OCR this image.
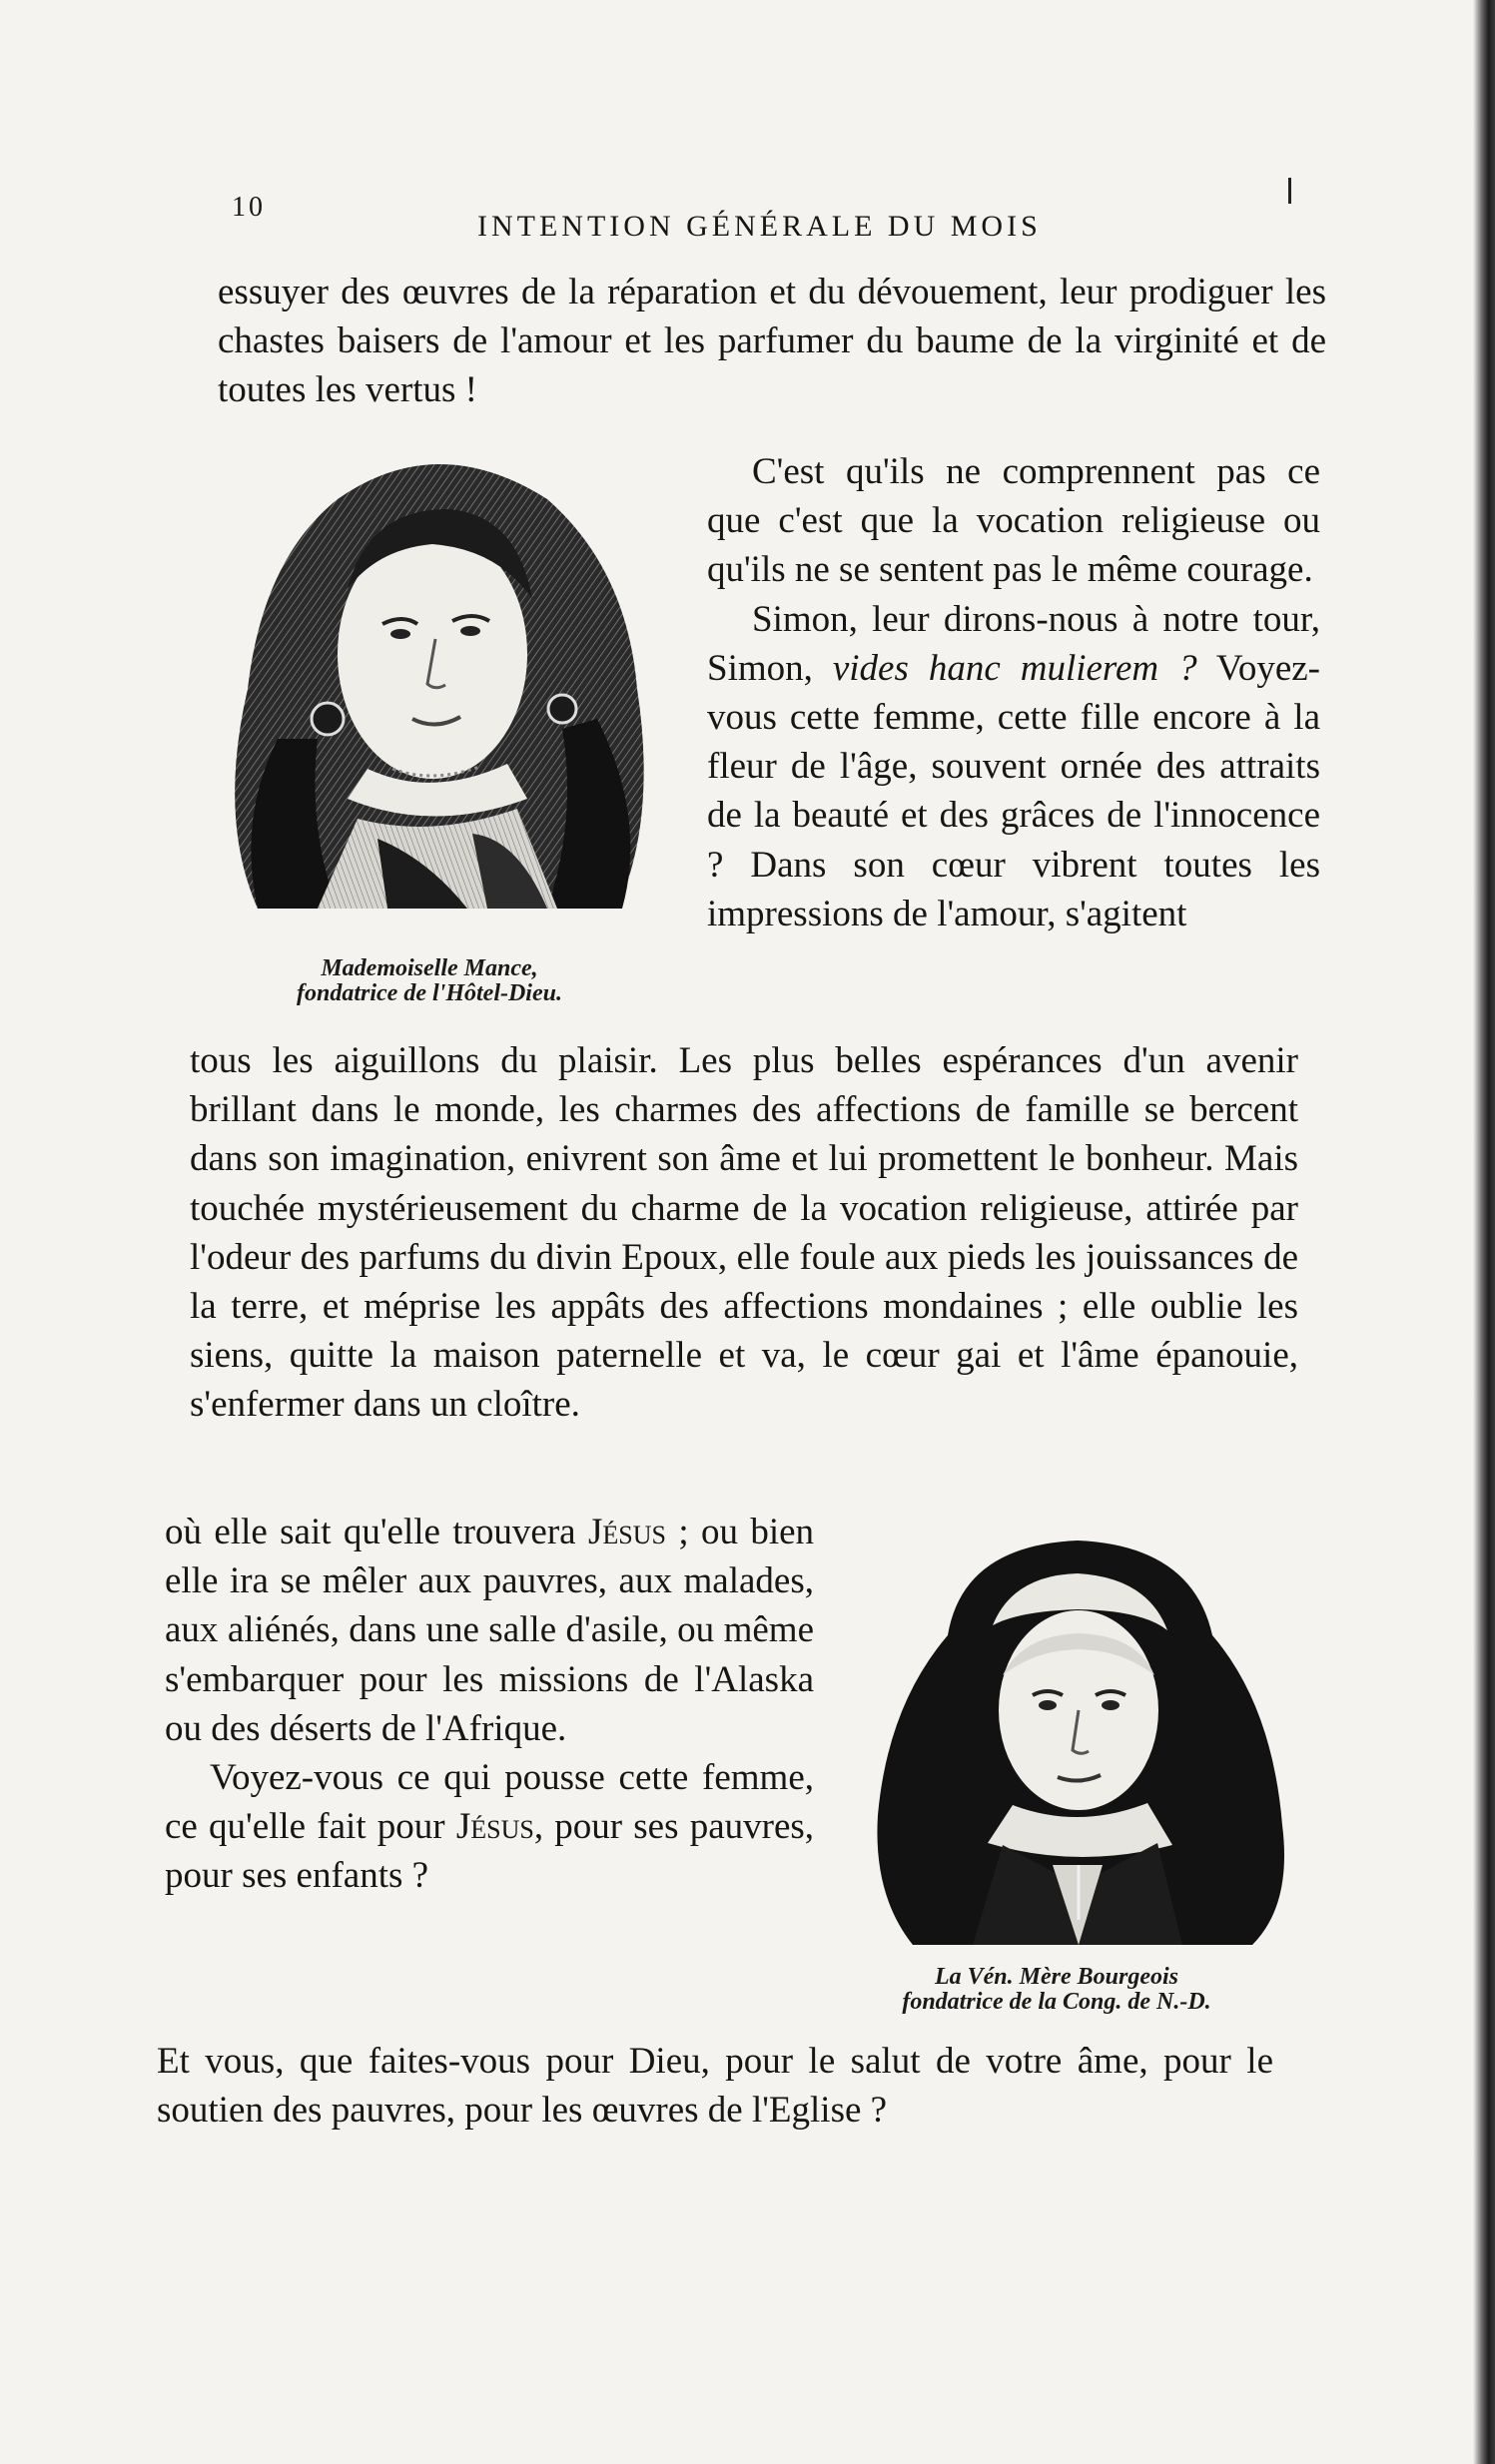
10
INTENTION GÉNÉRALE DU MOIS

essuyer des œuvres de la réparation et du dévouement, leur prodiguer les chastes baisers de l'amour et les parfumer du baume de la virginité et de toutes les vertus !

Mademoiselle Mance,
fondatrice de l'Hôtel-Dieu.

C'est qu'ils ne comprennent pas ce que c'est que la vocation religieuse ou qu'ils ne se sentent pas le même courage.

Simon, leur dirons-nous à notre tour, Simon, vides hanc mulierem ? Voyez-vous cette femme, cette fille encore à la fleur de l'âge, souvent ornée des attraits de la beauté et des grâces de l'innocence ? Dans son cœur vibrent toutes les impressions de l'amour, s'agitent

tous les aiguillons du plaisir. Les plus belles espérances d'un avenir brillant dans le monde, les charmes des affections de famille se bercent dans son imagination, enivrent son âme et lui promettent le bonheur. Mais touchée mystérieusement du charme de la vocation religieuse, attirée par l'odeur des parfums du divin Epoux, elle foule aux pieds les jouissances de la terre, et méprise les appâts des affections mondaines ; elle oublie les siens, quitte la maison paternelle et va, le cœur gai et l'âme épanouie, s'enfermer dans un cloître.

où elle sait qu'elle trouvera Jésus ; ou bien elle ira se mêler aux pauvres, aux malades, aux aliénés, dans une salle d'asile, ou même s'embarquer pour les missions de l'Alaska ou des déserts de l'Afrique.

Voyez-vous ce qui pousse cette femme, ce qu'elle fait pour Jésus, pour ses pauvres, pour ses enfants ?

La Vén. Mère Bourgeois
fondatrice de la Cong. de N.-D.

Et vous, que faites-vous pour Dieu, pour le salut de votre âme, pour le soutien des pauvres, pour les œuvres de l'Eglise ?
